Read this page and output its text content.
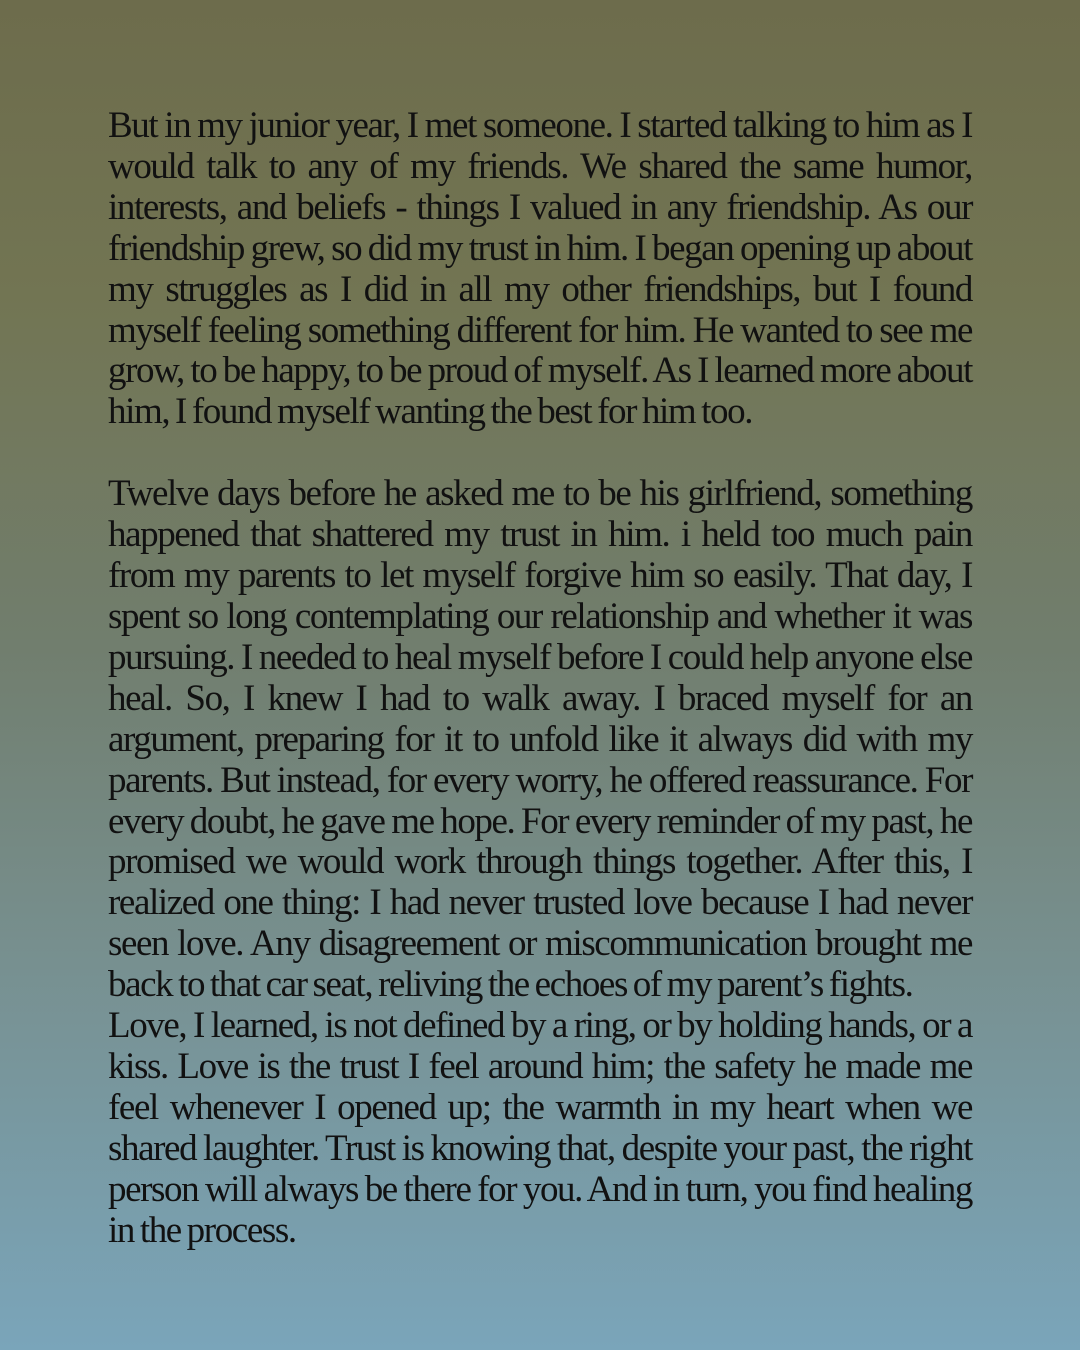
But in my junior year, I met someone. I started talking to him as I would talk to any of my friends. We shared the same humor, interests, and beliefs - things I valued in any friendship. As our friendship grew, so did my trust in him. I began opening up about my struggles as I did in all my other friendships, but I found myself feeling something different for him. He wanted to see me grow, to be happy, to be proud of myself. As I learned more about him, I found myself wanting the best for him too.

Twelve days before he asked me to be his girlfriend, something happened that shattered my trust in him. i held too much pain from my parents to let myself forgive him so easily. That day, I spent so long contemplating our relationship and whether it was pursuing. I needed to heal myself before I could help anyone else heal. So, I knew I had to walk away. I braced myself for an argument, preparing for it to unfold like it always did with my parents. But instead, for every worry, he offered reassurance. For every doubt, he gave me hope. For every reminder of my past, he promised we would work through things together. After this, I realized one thing: I had never trusted love because I had never seen love. Any disagreement or miscommunication brought me back to that car seat, reliving the echoes of my parent’s fights.

Love, I learned, is not defined by a ring, or by holding hands, or a kiss. Love is the trust I feel around him; the safety he made me feel whenever I opened up; the warmth in my heart when we shared laughter. Trust is knowing that, despite your past, the right person will always be there for you. And in turn, you find healing in the process.
